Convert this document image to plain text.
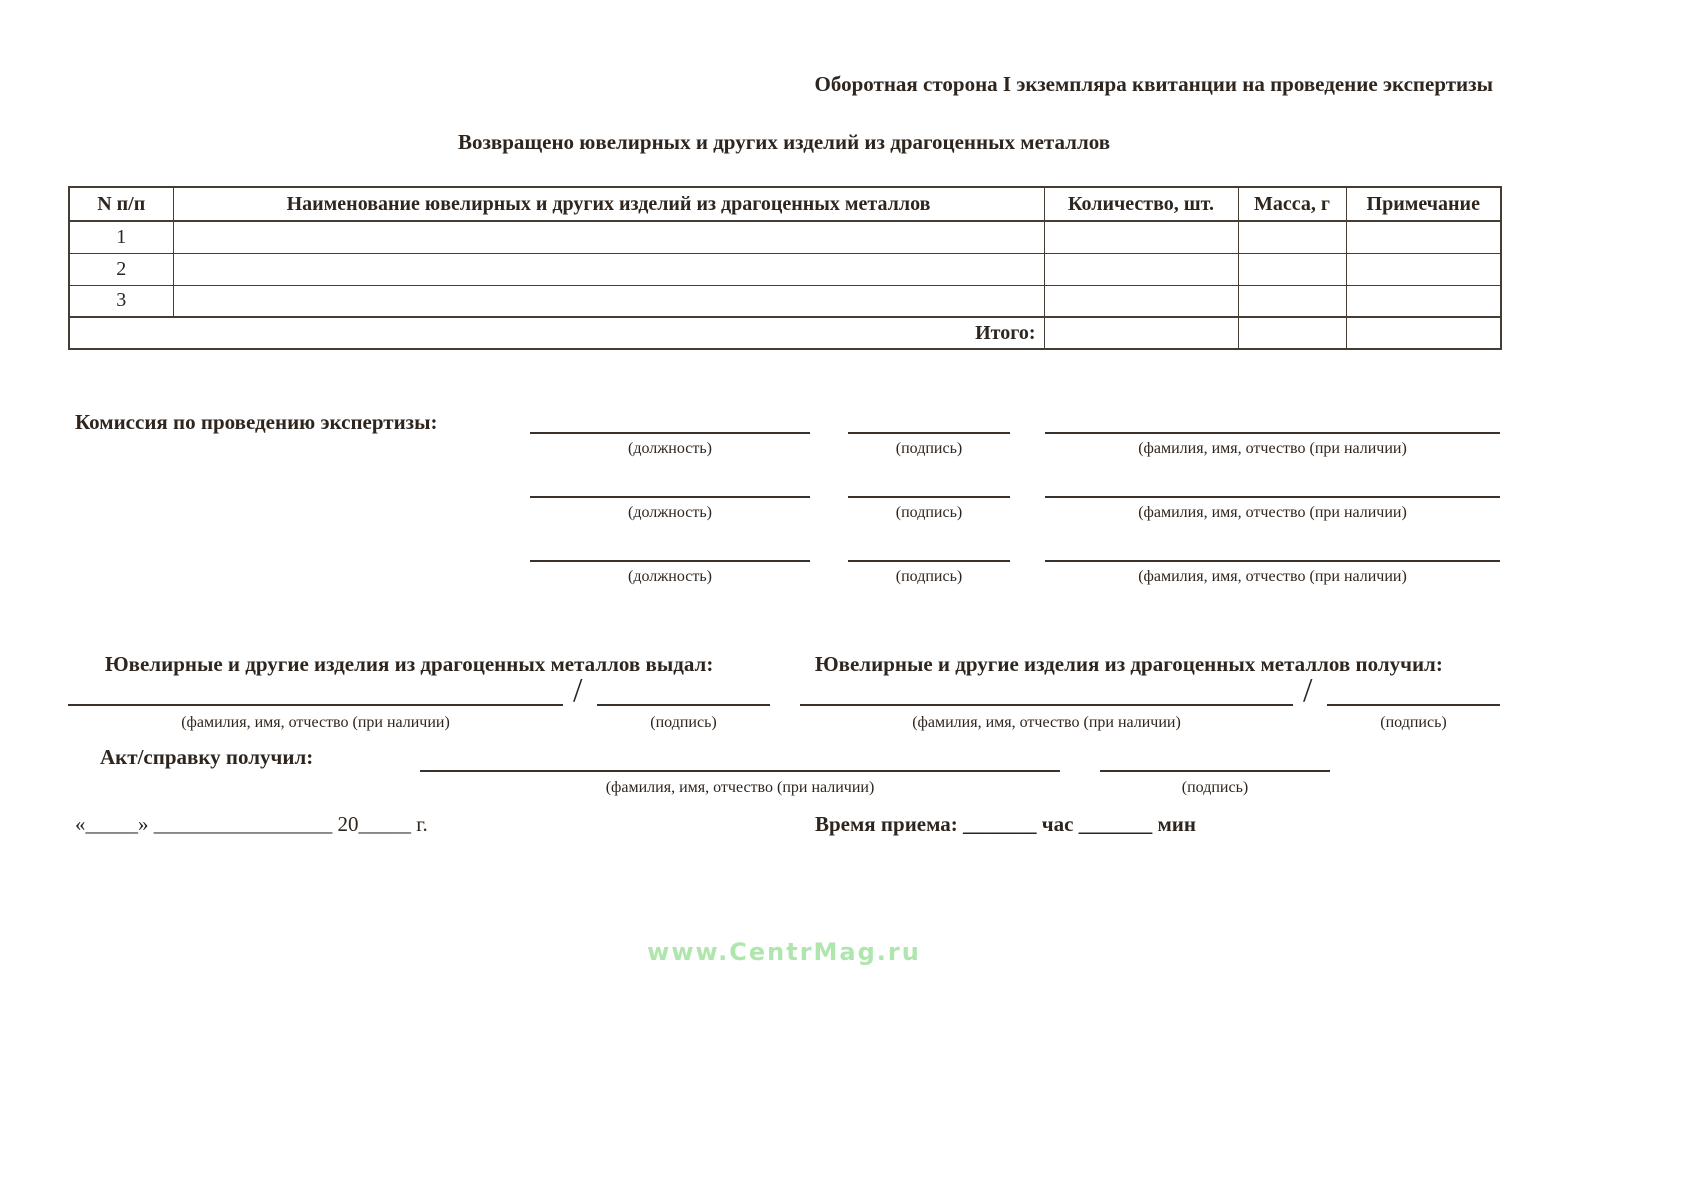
Оборотная сторона I экземпляра квитанции на проведение экспертизы
Возвращено ювелирных и других изделий из драгоценных металлов
N п/п	Наименование ювелирных и других изделий из драгоценных металлов	Количество, шт.	Масса, г	Примечание
1				
2				
3				
Итого:				
Комиссия по проведению экспертизы:
(должность)	(подпись)	(фамилия, имя, отчество (при наличии)
(должность)	(подпись)	(фамилия, имя, отчество (при наличии)
(должность)	(подпись)	(фамилия, имя, отчество (при наличии)
Ювелирные и другие изделия из драгоценных металлов выдал:	Ювелирные и другие изделия из драгоценных металлов получил:
/
(фамилия, имя, отчество (при наличии)	(подпись)
/
(фамилия, имя, отчество (при наличии)	(подпись)
Акт/справку получил:
(фамилия, имя, отчество (при наличии)	(подпись)
«_____» _________________ 20_____ г.	Время приема: _______ час _______ мин
www.CentrMag.ru
